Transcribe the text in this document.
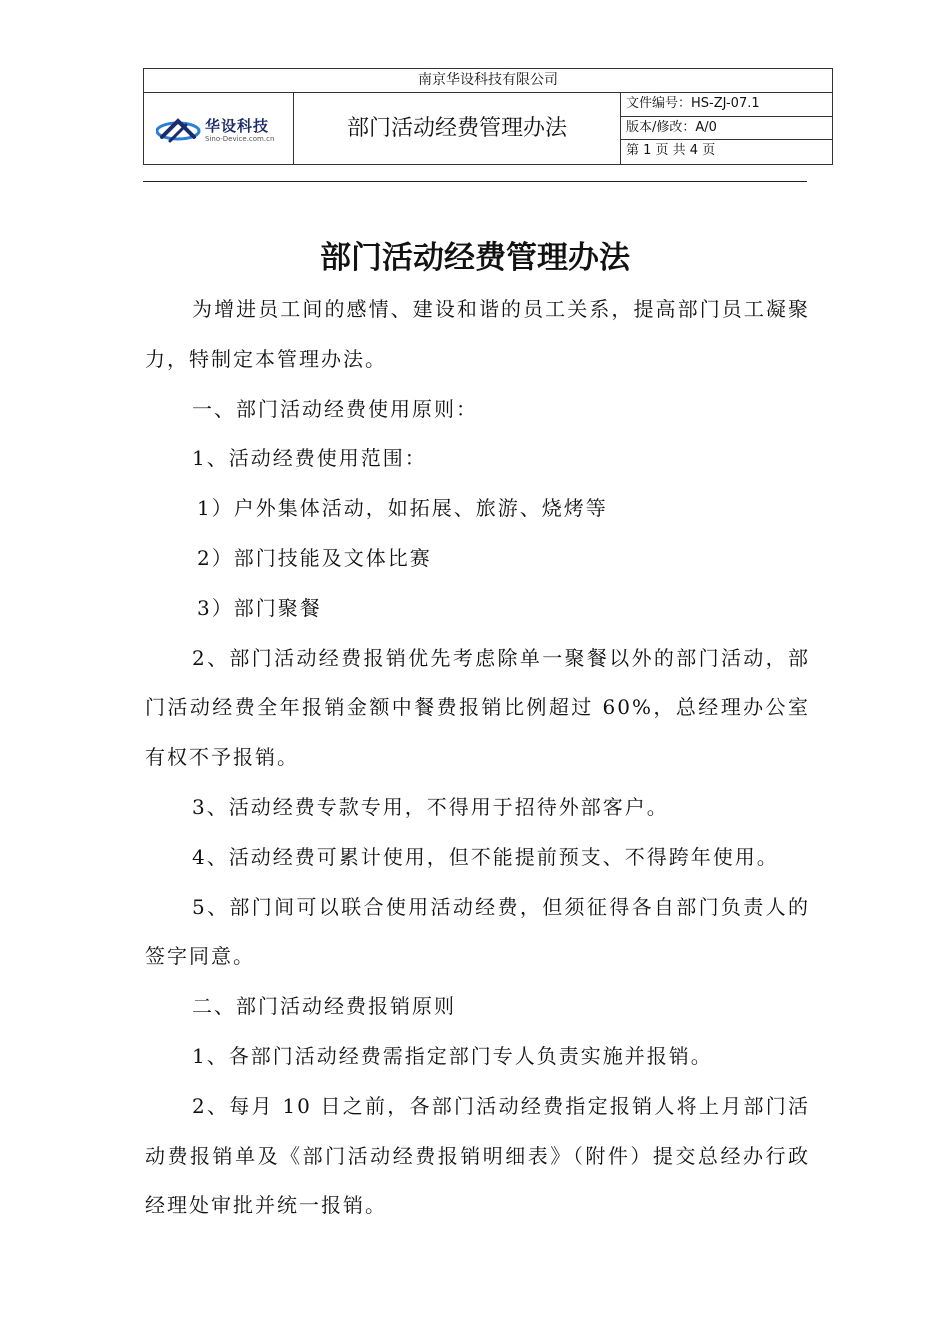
南京华设科技有限公司
华设科技
Sino-Device.com.cn	部门活动经费管理办法
文件编号：HS-ZJ-07.1
版本/修改：A/0
第 1 页 共 4 页
部门活动经费管理办法

为增进员工间的感情、建设和谐的员工关系，提高部门员工凝聚力，特制定本管理办法。

一、部门活动经费使用原则：

1、活动经费使用范围：

1）户外集体活动，如拓展、旅游、烧烤等

2）部门技能及文体比赛

3）部门聚餐

2、部门活动经费报销优先考虑除单一聚餐以外的部门活动，部门活动经费全年报销金额中餐费报销比例超过 60%，总经理办公室有权不予报销。

3、活动经费专款专用，不得用于招待外部客户。

4、活动经费可累计使用，但不能提前预支、不得跨年使用。

5、部门间可以联合使用活动经费，但须征得各自部门负责人的签字同意。

二、部门活动经费报销原则

1、各部门活动经费需指定部门专人负责实施并报销。

2、每月 10 日之前，各部门活动经费指定报销人将上月部门活动费报销单及《部门活动经费报销明细表》（附件）提交总经办行政经理处审批并统一报销。
